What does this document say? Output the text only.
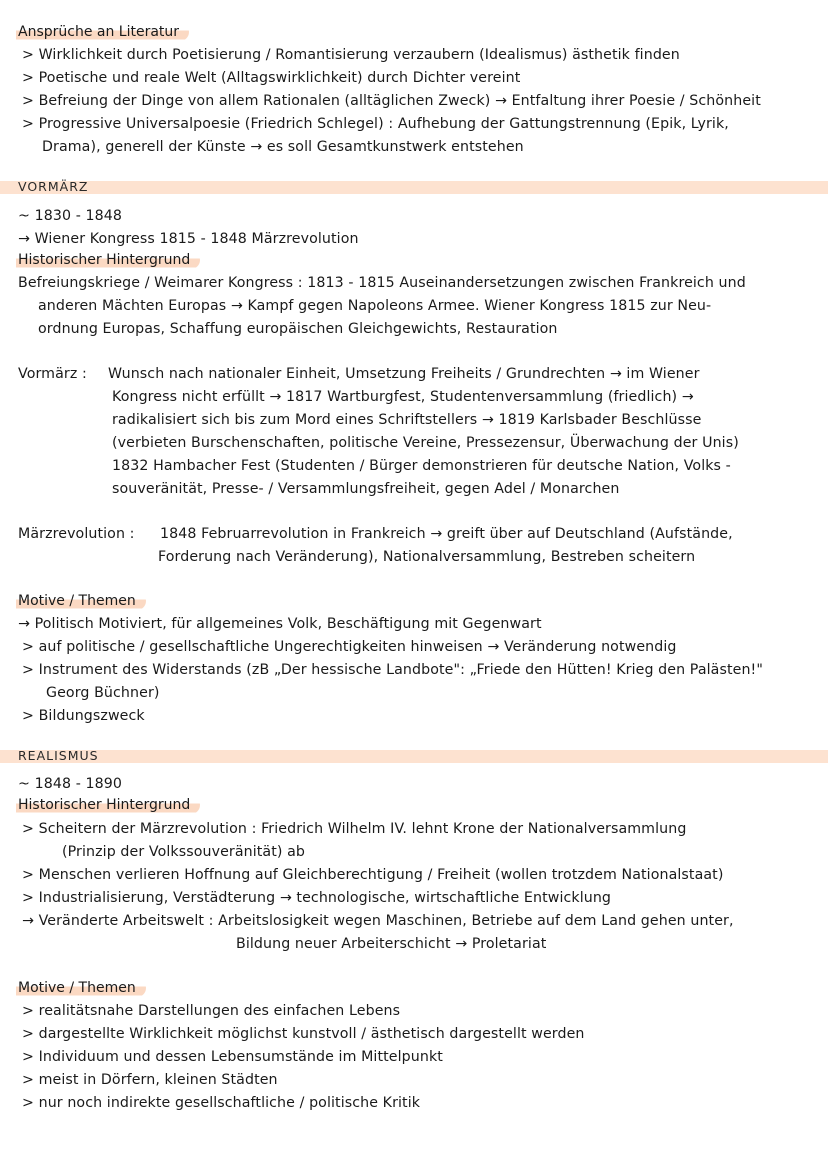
Ansprüche an Literatur
> Wirklichkeit durch Poetisierung / Romantisierung verzaubern (Idealismus) ästhetik finden
> Poetische und reale Welt (Alltagswirklichkeit) durch Dichter vereint
> Befreiung der Dinge von allem Rationalen (alltäglichen Zweck) → Entfaltung ihrer Poesie / Schönheit
> Progressive Universalpoesie (Friedrich Schlegel) : Aufhebung der Gattungstrennung (Epik, Lyrik,
Drama), generell der Künste → es soll Gesamtkunstwerk entstehen
VORMÄRZ
~ 1830 - 1848
→ Wiener Kongress 1815 - 1848 Märzrevolution
Historischer Hintergrund
Befreiungskriege / Weimarer Kongress : 1813 - 1815 Auseinandersetzungen zwischen Frankreich und
anderen Mächten Europas → Kampf gegen Napoleons Armee. Wiener Kongress 1815 zur Neu-
ordnung Europas, Schaffung europäischen Gleichgewichts, Restauration
Vormärz : Wunsch nach nationaler Einheit, Umsetzung Freiheits / Grundrechten → im Wiener
Kongress nicht erfüllt → 1817 Wartburgfest, Studentenversammlung (friedlich) →
radikalisiert sich bis zum Mord eines Schriftstellers → 1819 Karlsbader Beschlüsse
(verbieten Burschenschaften, politische Vereine, Pressezensur, Überwachung der Unis)
1832 Hambacher Fest (Studenten / Bürger demonstrieren für deutsche Nation, Volks -
souveränität, Presse- / Versammlungsfreiheit, gegen Adel / Monarchen
Märzrevolution : 1848 Februarrevolution in Frankreich → greift über auf Deutschland (Aufstände,
Forderung nach Veränderung), Nationalversammlung, Bestreben scheitern
Motive / Themen
→ Politisch Motiviert, für allgemeines Volk, Beschäftigung mit Gegenwart
> auf politische / gesellschaftliche Ungerechtigkeiten hinweisen → Veränderung notwendig
> Instrument des Widerstands (zB „Der hessische Landbote": „Friede den Hütten! Krieg den Palästen!"
Georg Büchner)
> Bildungszweck
REALISMUS
~ 1848 - 1890
Historischer Hintergrund
> Scheitern der Märzrevolution : Friedrich Wilhelm IV. lehnt Krone der Nationalversammlung
(Prinzip der Volkssouveränität) ab
> Menschen verlieren Hoffnung auf Gleichberechtigung / Freiheit (wollen trotzdem Nationalstaat)
> Industrialisierung, Verstädterung → technologische, wirtschaftliche Entwicklung
→ Veränderte Arbeitswelt : Arbeitslosigkeit wegen Maschinen, Betriebe auf dem Land gehen unter,
Bildung neuer Arbeiterschicht → Proletariat
Motive / Themen
> realitätsnahe Darstellungen des einfachen Lebens
> dargestellte Wirklichkeit möglichst kunstvoll / ästhetisch dargestellt werden
> Individuum und dessen Lebensumstände im Mittelpunkt
> meist in Dörfern, kleinen Städten
> nur noch indirekte gesellschaftliche / politische Kritik
